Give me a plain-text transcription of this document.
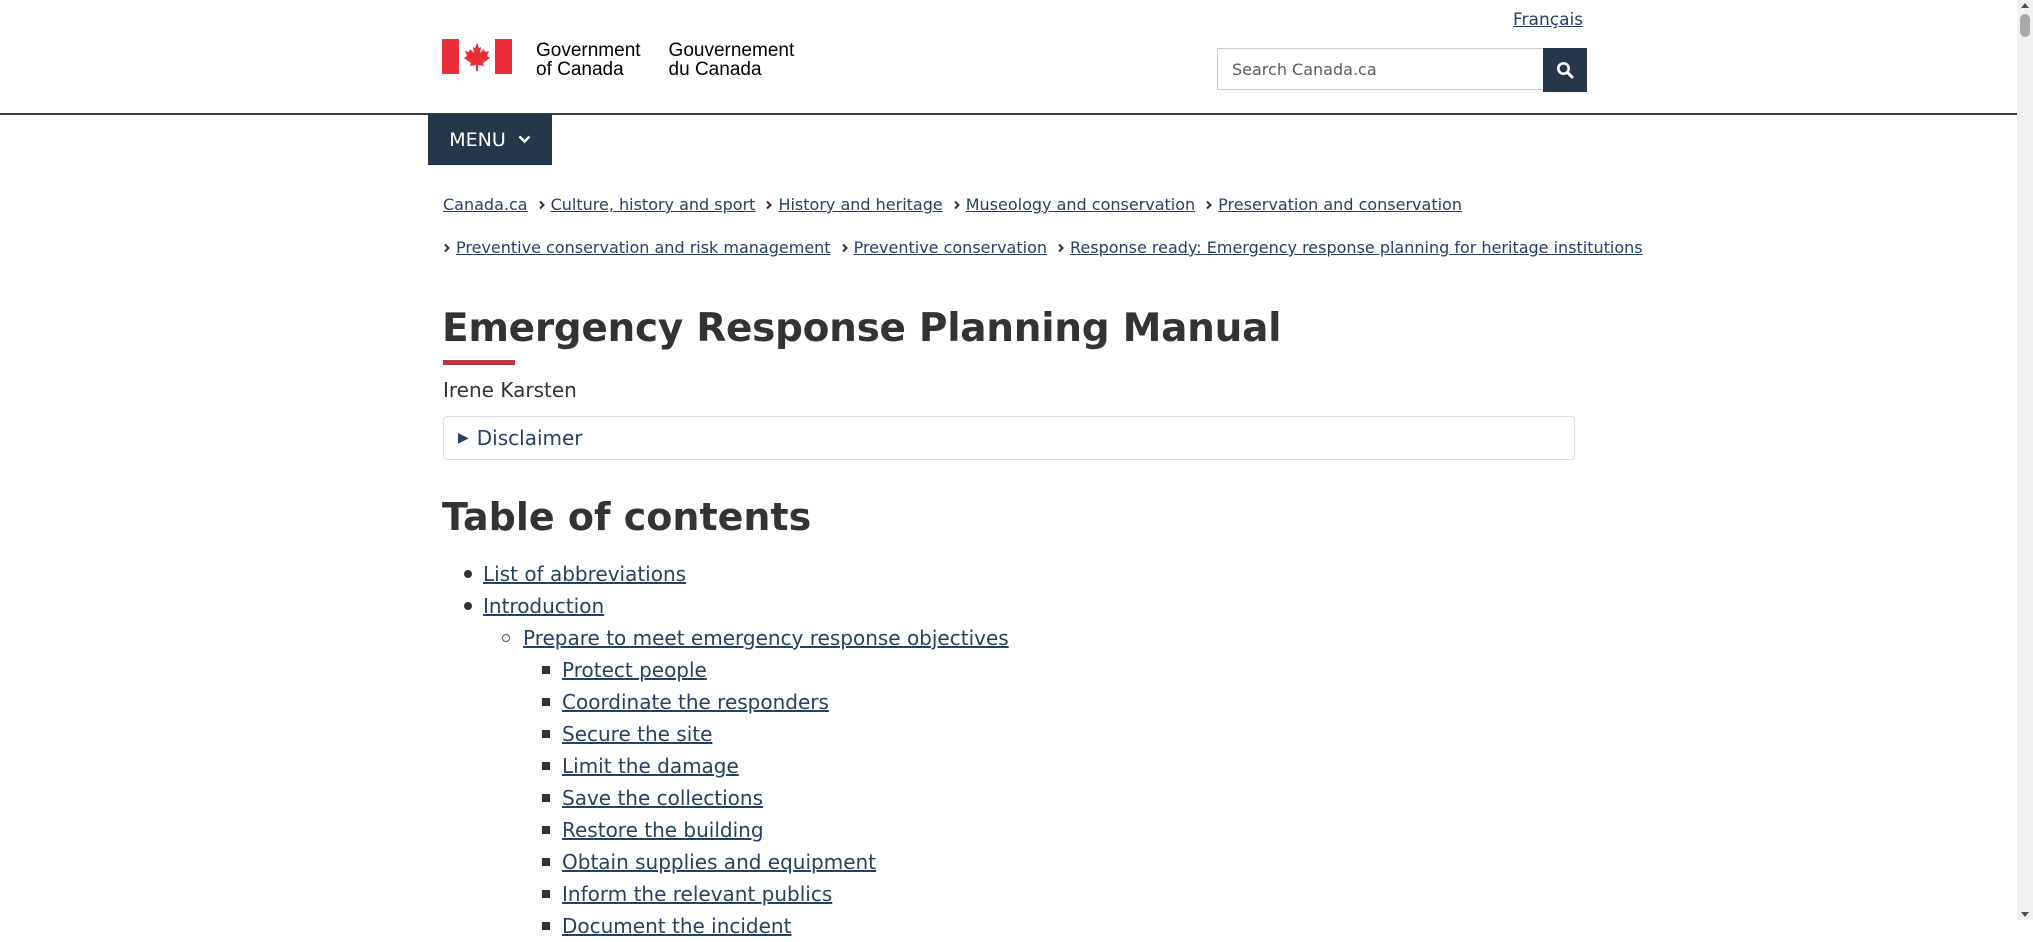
Français
Government
of Canada
Gouvernement
du Canada
Search Canada.ca
MENU
Canada.ca Culture, history and sport History and heritage Museology and conservation Preservation and conservation
Preventive conservation and risk management Preventive conservation Response ready: Emergency response planning for heritage institutions
Emergency Response Planning Manual
Irene Karsten
▶ Disclaimer
Table of contents
List of abbreviations
Introduction
Prepare to meet emergency response objectives
Protect people
Coordinate the responders
Secure the site
Limit the damage
Save the collections
Restore the building
Obtain supplies and equipment
Inform the relevant publics
Document the incident
